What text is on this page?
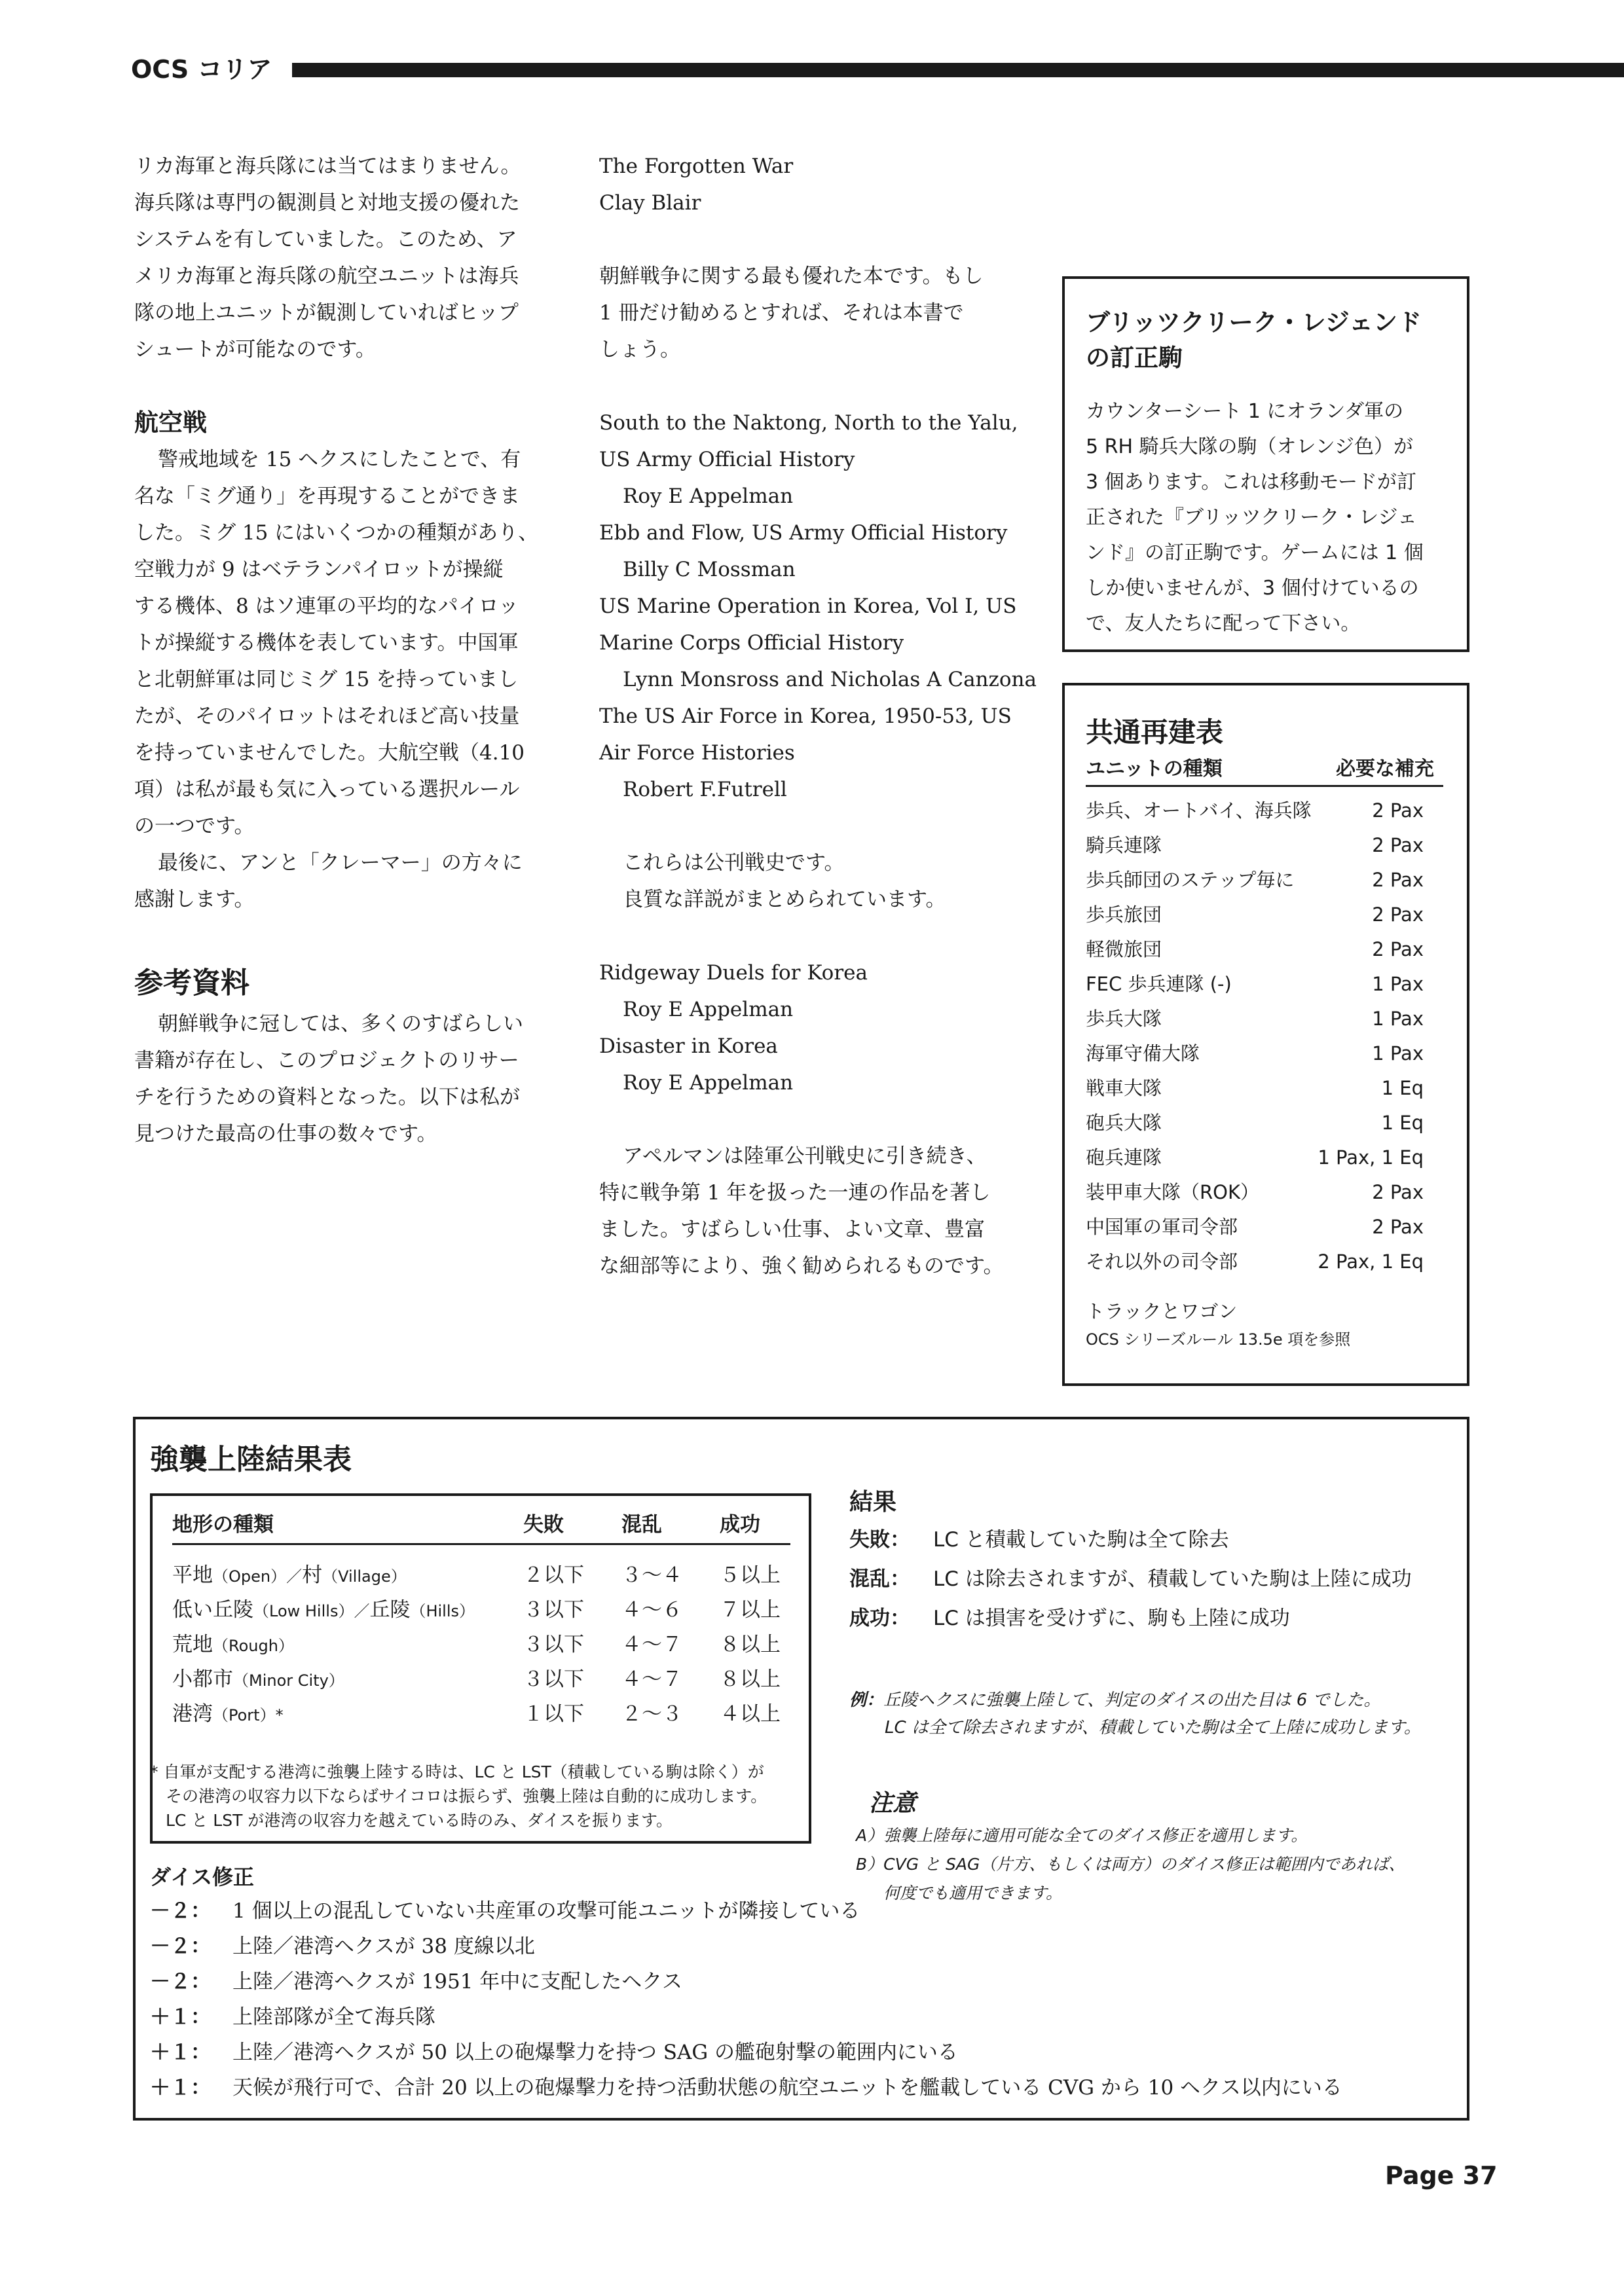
OCS コリア

リカ海軍と海兵隊には当てはまりません。

海兵隊は専門の観測員と対地支援の優れた

システムを有していました。このため、ア

メリカ海軍と海兵隊の航空ユニットは海兵

隊の地上ユニットが観測していればヒップ

シュートが可能なのです。

航空戦

警戒地域を 15 ヘクスにしたことで、有

名な「ミグ通り」を再現することができま

した。ミグ 15 にはいくつかの種類があり、

空戦力が 9 はベテランパイロットが操縦

する機体、8 はソ連軍の平均的なパイロッ

トが操縦する機体を表しています。中国軍

と北朝鮮軍は同じミグ 15 を持っていまし

たが、そのパイロットはそれほど高い技量

を持っていませんでした。大航空戦（4.10

項）は私が最も気に入っている選択ルール

の一つです。

最後に、アンと「クレーマー」の方々に

感謝します。

参考資料

朝鮮戦争に冠しては、多くのすばらしい

書籍が存在し、このプロジェクトのリサー

チを行うための資料となった。以下は私が

見つけた最高の仕事の数々です。

The Forgotten War

Clay Blair

朝鮮戦争に関する最も優れた本です。もし

1 冊だけ勧めるとすれば、それは本書で

しょう。

South to the Naktong, North to the Yalu,

US Army Official History

Roy E Appelman

Ebb and Flow, US Army Official History

Billy C Mossman

US Marine Operation in Korea, Vol I, US

Marine Corps Official History

Lynn Monsross and Nicholas A Canzona

The US Air Force in Korea, 1950-53, US

Air Force Histories

Robert F.Futrell

これらは公刊戦史です。

良質な詳説がまとめられています。

Ridgeway Duels for Korea

Roy E Appelman

Disaster in Korea

Roy E Appelman

アペルマンは陸軍公刊戦史に引き続き、

特に戦争第 1 年を扱った一連の作品を著し

ました。すばらしい仕事、よい文章、豊富

な細部等により、強く勧められるものです。

ブリッツクリーク・レジェンド

の訂正駒

カウンターシート 1 にオランダ軍の

5 RH 騎兵大隊の駒（オレンジ色）が

3 個あります。これは移動モードが訂

正された『ブリッツクリーク・レジェ

ンド』の訂正駒です。ゲームには 1 個

しか使いませんが、3 個付けているの

で、友人たちに配って下さい。

共通再建表

ユニットの種類	必要な補充
歩兵、オートバイ、海兵隊	2 Pax
騎兵連隊	2 Pax
歩兵師団のステップ毎に	2 Pax
歩兵旅団	2 Pax
軽微旅団	2 Pax
FEC 歩兵連隊 (-)	1 Pax
歩兵大隊	1 Pax
海軍守備大隊	1 Pax
戦車大隊	1 Eq
砲兵大隊	1 Eq
砲兵連隊	1 Pax, 1 Eq
装甲車大隊（ROK）	2 Pax
中国軍の軍司令部	2 Pax
それ以外の司令部	2 Pax, 1 Eq

トラックとワゴン

OCS シリーズルール 13.5e 項を参照

強襲上陸結果表

地形の種類	失敗	混乱	成功
平地（Open）／村（Village）	２以下 ３～４ ５以上
低い丘陵（Low Hills）／丘陵（Hills） ３以下 ４～６ ７以上
荒地（Rough）	３以下 ４～７ ８以上
小都市（Minor City）	３以下 ４～７ ８以上
港湾（Port）*	１以下 ２～３ ４以上

* 自軍が支配する港湾に強襲上陸する時は、LC と LST（積載している駒は除く）が

その港湾の収容力以下ならばサイコロは振らず、強襲上陸は自動的に成功します。

LC と LST が港湾の収容力を越えている時のみ、ダイスを振ります。

結果

失敗： LC と積載していた駒は全て除去

混乱： LC は除去されますが、積載していた駒は上陸に成功

成功： LC は損害を受けずに、駒も上陸に成功

例：丘陵ヘクスに強襲上陸して、判定のダイスの出た目は 6 でした。

LC は全て除去されますが、積載していた駒は全て上陸に成功します。

注意

A）強襲上陸毎に適用可能な全てのダイス修正を適用します。

B）CVG と SAG（片方、もしくは両方）のダイス修正は範囲内であれば、

何度でも適用できます。

ダイス修正

－２： 1 個以上の混乱していない共産軍の攻撃可能ユニットが隣接している

－２： 上陸／港湾ヘクスが 38 度線以北

－２： 上陸／港湾ヘクスが 1951 年中に支配したヘクス

＋１： 上陸部隊が全て海兵隊

＋１： 上陸／港湾ヘクスが 50 以上の砲爆撃力を持つ SAG の艦砲射撃の範囲内にいる

＋１： 天候が飛行可で、合計 20 以上の砲爆撃力を持つ活動状態の航空ユニットを艦載している CVG から 10 ヘクス以内にいる

Page 37
